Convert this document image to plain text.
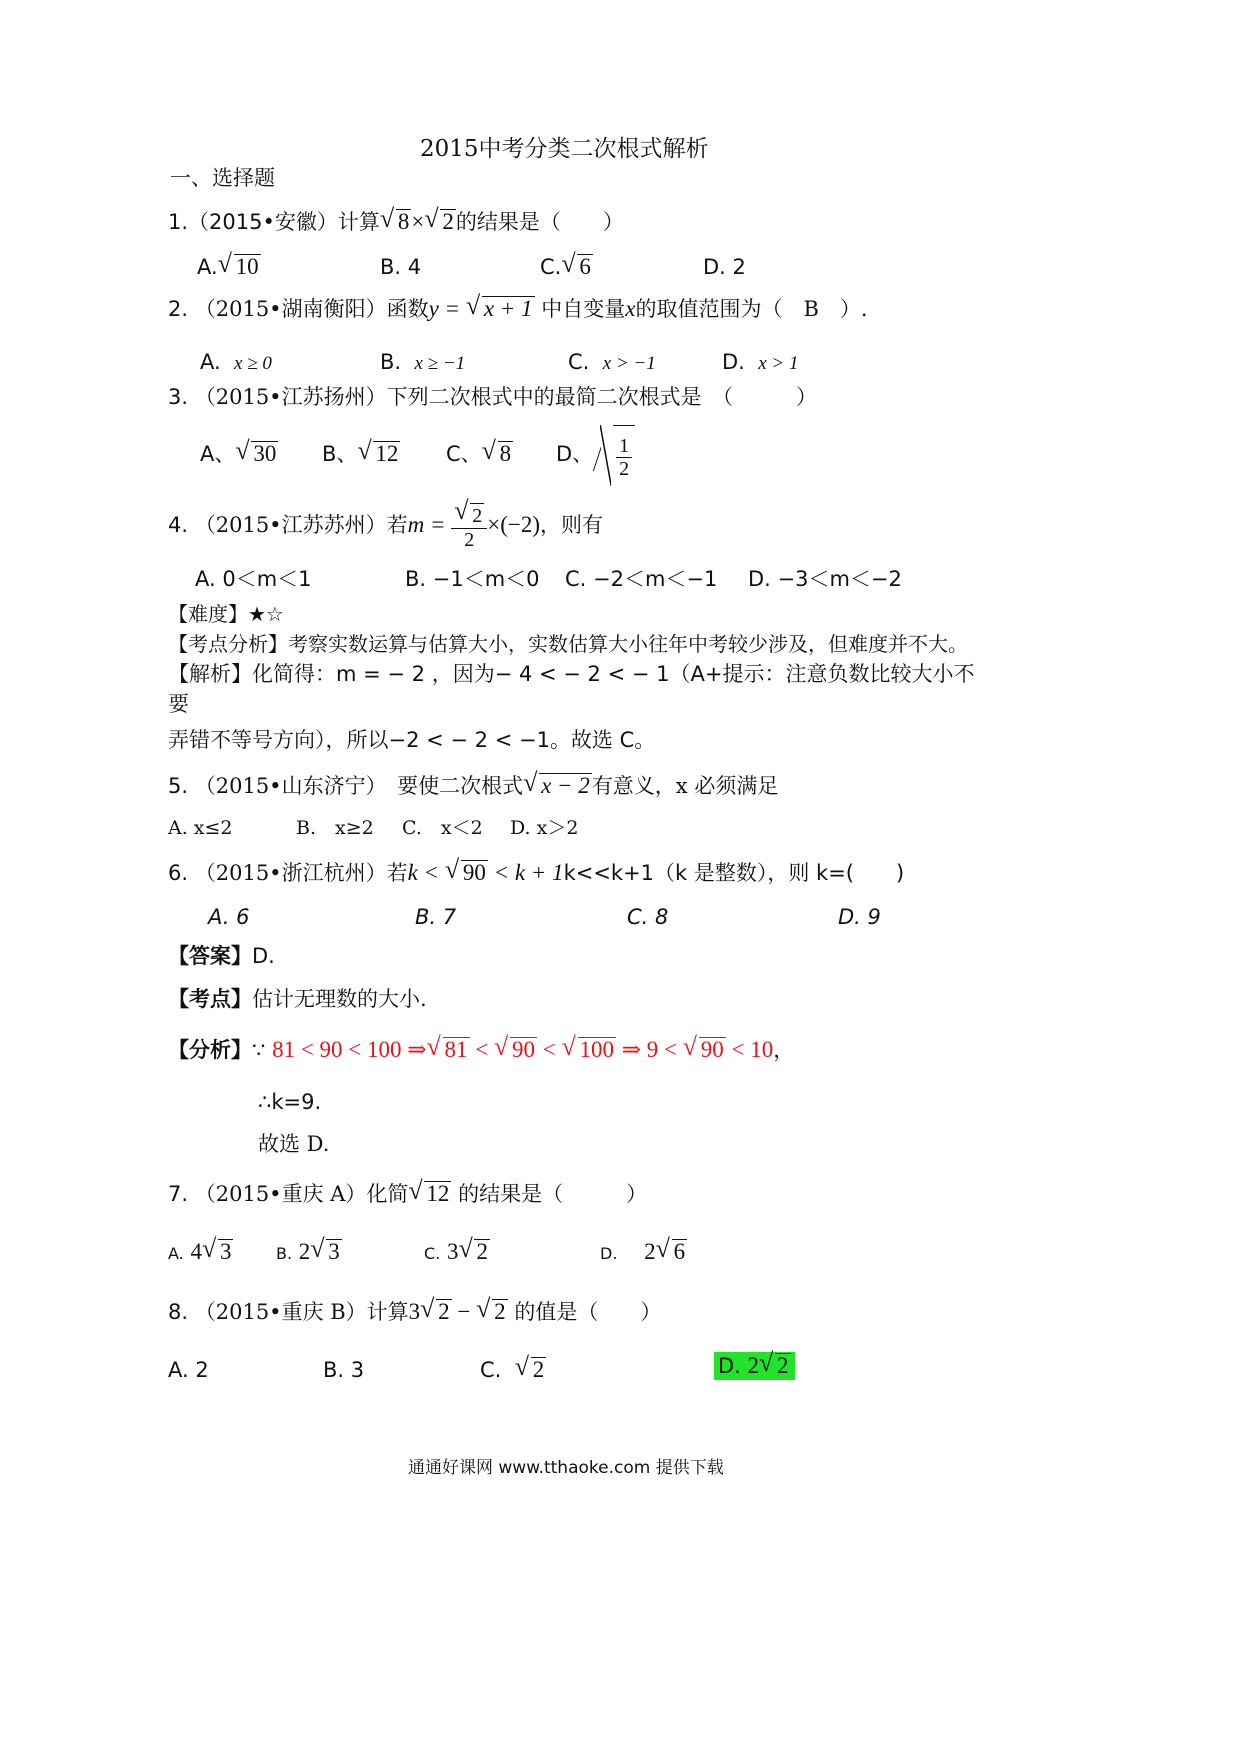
2015中考分类二次根式解析
一、选择题
1.（2015•安徽）计算 √ 8× √ 2的结果是（　　）
A. √ 10	B. 4	C. √ 6	D. 2
2. （2015•湖南衡阳）函数y = √ x + 1 中自变量x的取值范围为（　B　）.
A. x ≥ 0	B. x ≥ −1	C. x > −1	D. x > 1
3. （2015•江苏扬州）下列二次根式中的最简二次根式是　（　　　）
A、 √ 30 B、 √ 12 C、 √ 8 D、 $\frac{1}{2}$
4. （2015•江苏苏州）若m = √ $\frac{2}{2} \times(-2)$，则有
A. 0＜m＜1	B. −1＜m＜0 C. −2＜m＜−1 D. −3＜m＜−2
【难度】★☆
【考点分析】考察实数运算与估算大小，实数估算大小往年中考较少涉及，但难度并不大。
【解析】化简得：m = − 2 ，因为− 4 < − 2 < − 1（A+提示：注意负数比较大小不
要
弄错不等号方向），所以−2 < − 2 < −1。故选 C。
5. （2015•山东济宁）　要使二次根式 √ x − 2有意义，x 必须满足
A. x≤2	B.　x≥2 C.　x＜2 D. x＞2
6. （2015•浙江杭州）若k < √ 90 < k + 1k<<k+1（k 是整数），则 k=(　　)
A. 6	B. 7	C. 8	D. 9
【答案】D.
【考点】估计无理数的大小.
【分析】∵ 81 < 90 < 100 ⇒ √ 81 < √ 90 < √ 100 ⇒ 9 < √ 90 < 10，
∴k=9.
故选 D.
7. （2015•重庆 A）化简 √ 12 的结果是（　　　）
A. 4 √ 3	B. 2 √ 3	C. 3 √ 2	D. 2 √ 6
8. （2015•重庆 B）计算3 √ 2 − √ 2 的值是（　　）
A. 2	B. 3	C. √ 2	D. 2 √ 2
通通好课网 www.tthaoke.com 提供下载
